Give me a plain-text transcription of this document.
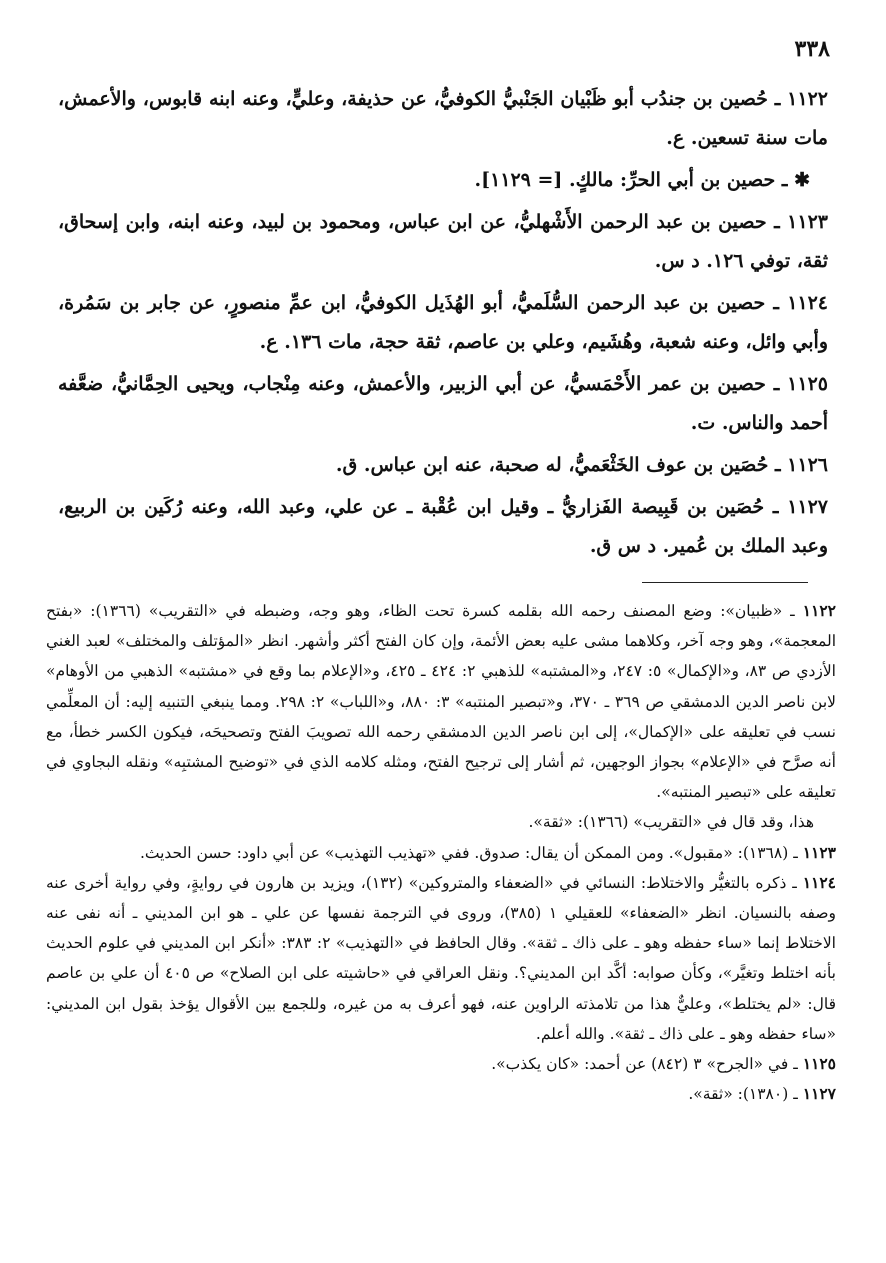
٣٣٨

١١٢٢ ـ حُصين بن جندُب أبو ظَبْيان الجَنْبيُّ الكوفيُّ، عن حذيفة، وعليٍّ، وعنه ابنه قابوس، والأعمش، مات سنة تسعين. ع.

✱ ـ حصين بن أبي الحرِّ: مالكٍ. [= ١١٢٩].

١١٢٣ ـ حصين بن عبد الرحمن الأَشْهليُّ، عن ابن عباس، ومحمود بن لبيد، وعنه ابنه، وابن إسحاق، ثقة، توفي ١٢٦. د س.

١١٢٤ ـ حصين بن عبد الرحمن السُّلَميُّ، أبو الهُذَيل الكوفيُّ، ابن عمِّ منصورٍ، عن جابر بن سَمُرة، وأبي وائل، وعنه شعبة، وهُشَيم، وعلي بن عاصم، ثقة حجة، مات ١٣٦. ع.

١١٢٥ ـ حصين بن عمر الأَحْمَسيُّ، عن أبي الزبير، والأعمش، وعنه مِنْجاب، ويحيى الحِمَّانيُّ، ضعَّفه أحمد والناس. ت.

١١٢٦ ـ حُصَين بن عوف الخَثْعَميُّ، له صحبة، عنه ابن عباس. ق.

١١٢٧ ـ حُصَين بن قَبِيصة الفَزاريُّ ـ وقيل ابن عُقْبة ـ عن علي، وعبد الله، وعنه رُكَين بن الربيع، وعبد الملك بن عُمير. د س ق.

١١٢٢ ـ «ظبيان»: وضع المصنف رحمه الله بقلمه كسرة تحت الظاء، وهو وجه، وضبطه في «التقريب» (١٣٦٦): «بفتح المعجمة»، وهو وجه آخر، وكلاهما مشى عليه بعض الأئمة، وإن كان الفتح أكثر وأشهر. انظر «المؤتلف والمختلف» لعبد الغني الأزدي ص ٨٣، و«الإكمال» ٥: ٢٤٧، و«المشتبه» للذهبي ٢: ٤٢٤ ـ ٤٢٥، و«الإعلام بما وقع في «مشتبه» الذهبي من الأوهام» لابن ناصر الدين الدمشقي ص ٣٦٩ ـ ٣٧٠، و«تبصير المنتبه» ٣: ٨٨٠، و«اللباب» ٢: ٢٩٨. ومما ينبغي التنبيه إليه: أن المعلِّمي نسب في تعليقه على «الإكمال»، إلى ابن ناصر الدين الدمشقي رحمه الله تصويبَ الفتح وتصحيحَه، فيكون الكسر خطأ، مع أنه صرَّح في «الإعلام» بجواز الوجهين، ثم أشار إلى ترجيح الفتح، ومثله كلامه الذي في «توضيح المشتبِه» ونقله البجاوي في تعليقه على «تبصير المنتبه».

هذا، وقد قال في «التقريب» (١٣٦٦): «ثقة».

١١٢٣ ـ (١٣٦٨): «مقبول». ومن الممكن أن يقال: صدوق. ففي «تهذيب التهذيب» عن أبي داود: حسن الحديث.

١١٢٤ ـ ذكره بالتغيُّر والاختلاط: النسائي في «الضعفاء والمتروكين» (١٣٢)، ويزيد بن هارون في روايةٍ، وفي رواية أخرى عنه وصفه بالنسيان. انظر «الضعفاء» للعقيلي ١ (٣٨٥)، وروى في الترجمة نفسها عن علي ـ هو ابن المديني ـ أنه نفى عنه الاختلاط إنما «ساء حفظه وهو ـ على ذاك ـ ثقة». وقال الحافظ في «التهذيب» ٢: ٣٨٣: «أنكر ابن المديني في علوم الحديث بأنه اختلط وتغيَّر»، وكأن صوابه: أكَّد ابن المديني؟. ونقل العراقي في «حاشيته على ابن الصلاح» ص ٤٠٥ أن علي بن عاصم قال: «لم يختلط»، وعليٌّ هذا من تلامذته الراوين عنه، فهو أعرف به من غيره، وللجمع بين الأقوال يؤخذ بقول ابن المديني: «ساء حفظه وهو ـ على ذاك ـ ثقة». والله أعلم.

١١٢٥ ـ في «الجرح» ٣ (٨٤٢) عن أحمد: «كان يكذب».

١١٢٧ ـ (١٣٨٠): «ثقة».
